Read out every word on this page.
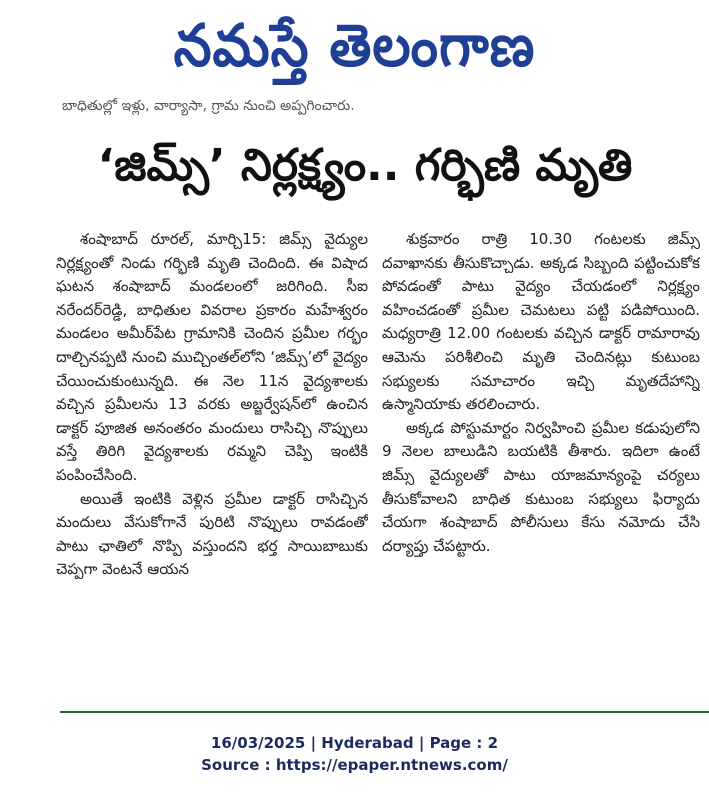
నమస్తే తెలంగాణ
బాధితుల్లో ఇళ్లు, వార్యాసా, గ్రామ నుంచి అప్పగించారు.
‘జిమ్స్’ నిర్లక్ష్యం.. గర్భిణి మృతి

శంషాబాద్ రూరల్, మార్చి15: జిమ్స్ వైద్యుల నిర్లక్ష్యంతో నిండు గర్భిణి మృతి చెందింది. ఈ విషాద ఘటన శంషాబాద్ మండలంలో జరిగింది. సీఐ నరేందర్‌రెడ్డి, బాధితుల వివరాల ప్రకారం మహేశ్వరం మండలం అమీర్‌పేట గ్రామానికి చెందిన ప్రమీల గర్భం దాల్చినప్పటి నుంచి ముచ్చింతల్‌లోని ‘జిమ్స్’లో వైద్యం చేయించుకుంటున్నది. ఈ నెల 11న వైద్యశాలకు వచ్చిన ప్రమీలను 13 వరకు అబ్జర్వేషన్‌లో ఉంచిన డాక్టర్ పూజిత అనంతరం మందులు రాసిచ్చి నొప్పులు వస్తే తిరిగి వైద్యశాలకు రమ్మని చెప్పి ఇంటికి పంపించేసింది.

అయితే ఇంటికి వెళ్లిన ప్రమీల డాక్టర్ రాసిచ్చిన మందులు వేసుకోగానే పురిటి నొప్పులు రావడంతో పాటు ఛాతిలో నొప్పి వస్తుందని భర్త సాయిబాబుకు చెప్పగా వెంటనే ఆయన

శుక్రవారం రాత్రి 10.30 గంటలకు జిమ్స్ దవాఖానకు తీసుకొచ్చాడు. అక్కడ సిబ్బంది పట్టించుకోక పోవడంతో పాటు వైద్యం చేయడంలో నిర్లక్ష్యం వహించడంతో ప్రమీల చెమటలు పట్టి పడిపోయింది. మధ్యరాత్రి 12.00 గంటలకు వచ్చిన డాక్టర్ రామారావు ఆమెను పరిశీలించి మృతి చెందినట్లు కుటుంబ సభ్యులకు సమాచారం ఇచ్చి మృతదేహాన్ని ఉస్మానియాకు తరలించారు.

అక్కడ పోస్టుమార్టం నిర్వహించి ప్రమీల కడుపులోని 9 నెలల బాలుడిని బయటికి తీశారు. ఇదిలా ఉంటే జిమ్స్ వైద్యులతో పాటు యాజమాన్యంపై చర్యలు తీసుకోవాలని బాధిత కుటుంబ సభ్యులు ఫిర్యాదు చేయగా శంషాబాద్ పోలీసులు కేసు నమోదు చేసి దర్యాప్తు చేపట్టారు.

16/03/2025 | Hyderabad | Page : 2
Source : https://epaper.ntnews.com/
